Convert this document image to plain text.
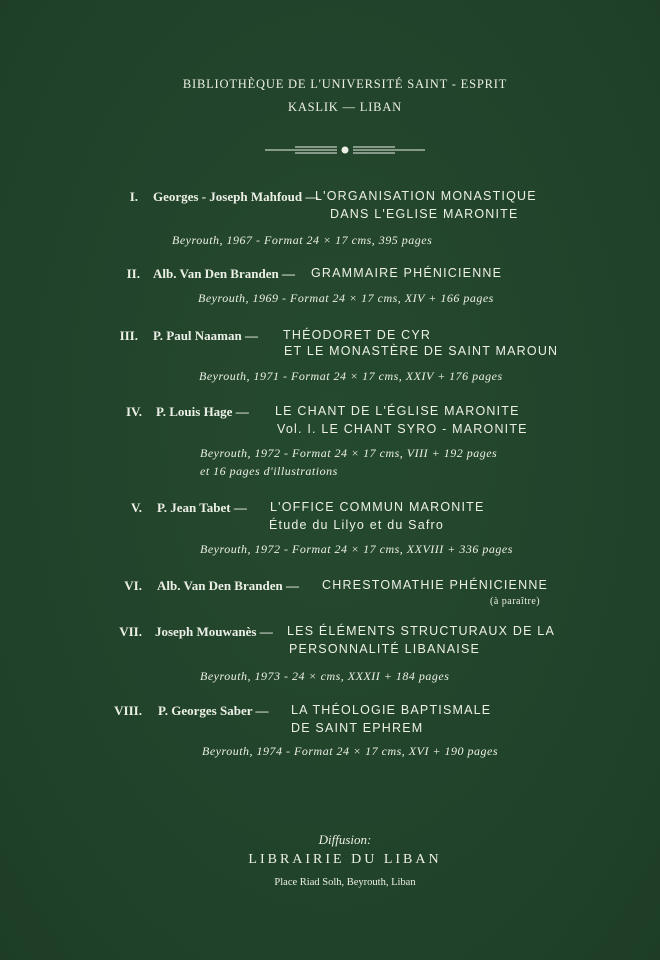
BIBLIOTHÈQUE DE L'UNIVERSITÉ SAINT - ESPRIT
KASLIK — LIBAN
I. Georges - Joseph Mahfoud —
L'ORGANISATION MONASTIQUE
DANS L'EGLISE MARONITE
Beyrouth, 1967 - Format 24 × 17 cms, 395 pages
II. Alb. Van Den Branden — GRAMMAIRE PHÉNICIENNE
Beyrouth, 1969 - Format 24 × 17 cms, XIV + 166 pages
III. P. Paul Naaman — THÉODORET DE CYR
ET LE MONASTÈRE DE SAINT MAROUN
Beyrouth, 1971 - Format 24 × 17 cms, XXIV + 176 pages
IV. P. Louis Hage — LE CHANT DE L'ÉGLISE MARONITE
Vol. I. LE CHANT SYRO - MARONITE
Beyrouth, 1972 - Format 24 × 17 cms, VIII + 192 pages
et 16 pages d'illustrations
V. P. Jean Tabet — L'OFFICE COMMUN MARONITE
Étude du Lilyo et du Safro
Beyrouth, 1972 - Format 24 × 17 cms, XXVIII + 336 pages
VI. Alb. Van Den Branden — CHRESTOMATHIE PHÉNICIENNE
(à paraître)
VII. Joseph Mouwanès — LES ÉLÉMENTS STRUCTURAUX DE LA
PERSONNALITÉ LIBANAISE
Beyrouth, 1973 - 24 × cms, XXXII + 184 pages
VIII. P. Georges Saber — LA THÉOLOGIE BAPTISMALE
DE SAINT EPHREM
Beyrouth, 1974 - Format 24 × 17 cms, XVI + 190 pages
Diffusion:
LIBRAIRIE DU LIBAN
Place Riad Solh, Beyrouth, Liban
